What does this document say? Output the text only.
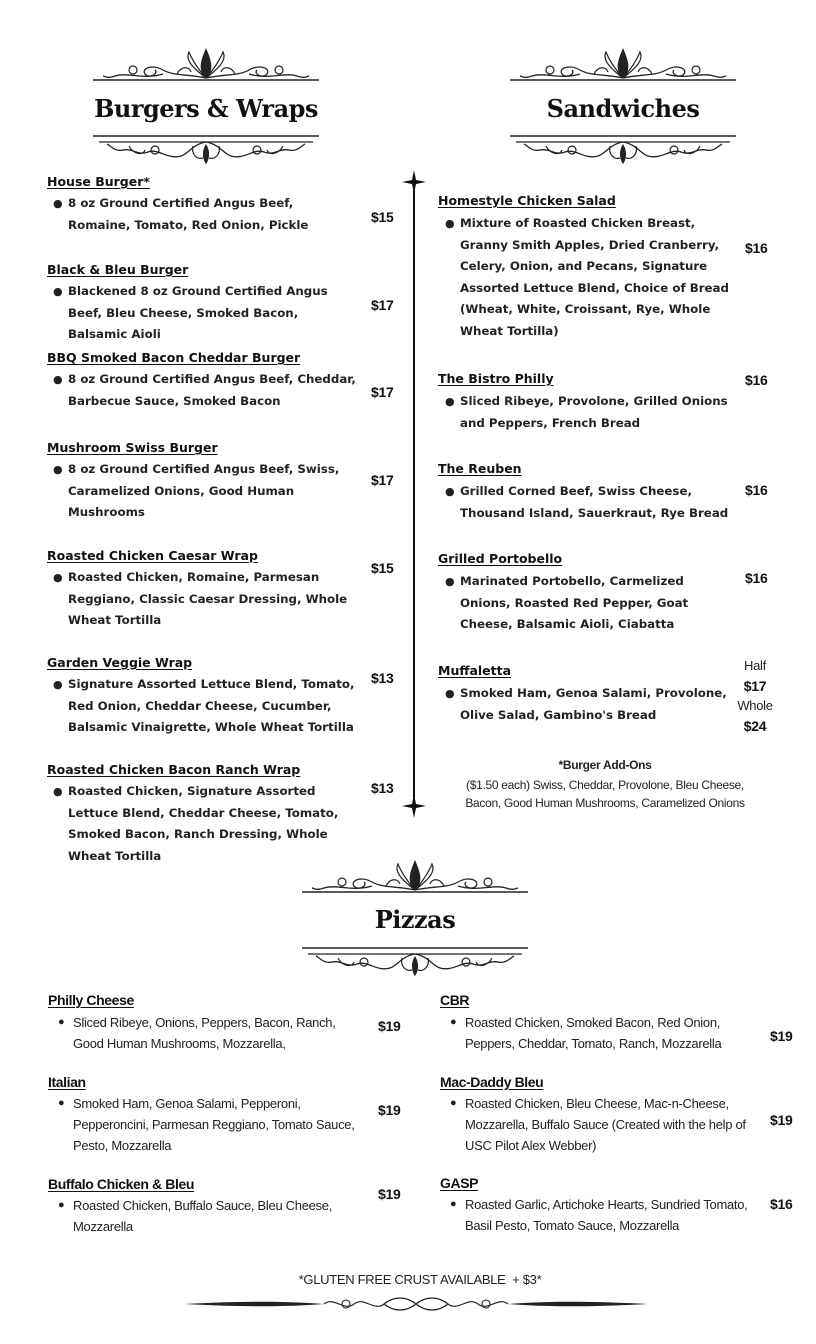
Burgers & Wraps	Sandwiches
House Burger*
● 8 oz Ground Certified Angus Beef, Romaine, Tomato, Red Onion, Pickle	$15
Black & Bleu Burger
● Blackened 8 oz Ground Certified Angus Beef, Bleu Cheese, Smoked Bacon, Balsamic Aioli
$17
BBQ Smoked Bacon Cheddar Burger
● 8 oz Ground Certified Angus Beef, Cheddar, Barbecue Sauce, Smoked Bacon
$17
Mushroom Swiss Burger
● 8 oz Ground Certified Angus Beef, Swiss, Caramelized Onions, Good Human Mushrooms
$17
Roasted Chicken Caesar Wrap
● Roasted Chicken, Romaine, Parmesan Reggiano, Classic Caesar Dressing, Whole Wheat Tortilla
$15
Garden Veggie Wrap
● Signature Assorted Lettuce Blend, Tomato, Red Onion, Cheddar Cheese, Cucumber, Balsamic Vinaigrette, Whole Wheat Tortilla
$13
Roasted Chicken Bacon Ranch Wrap
● Roasted Chicken, Signature Assorted Lettuce Blend, Cheddar Cheese, Tomato, Smoked Bacon, Ranch Dressing, Whole Wheat Tortilla
$13
Homestyle Chicken Salad
● Mixture of Roasted Chicken Breast, Granny Smith Apples, Dried Cranberry, Celery, Onion, and Pecans, Signature Assorted Lettuce Blend, Choice of Bread (Wheat, White, Croissant, Rye, Whole Wheat Tortilla)
$16
The Bistro Philly
● Sliced Ribeye, Provolone, Grilled Onions and Peppers, French Bread
$16
The Reuben
● Grilled Corned Beef, Swiss Cheese, Thousand Island, Sauerkraut, Rye Bread
$16
Grilled Portobello
● Marinated Portobello, Carmelized Onions, Roasted Red Pepper, Goat Cheese, Balsamic Aioli, Ciabatta
$16
Muffaletta
● Smoked Ham, Genoa Salami, Provolone, Olive Salad, Gambino's Bread
Half
$17
Whole
$24
*Burger Add-Ons
($1.50 each) Swiss, Cheddar, Provolone, Bleu Cheese, Bacon, Good Human Mushrooms, Caramelized Onions
Pizzas
Philly Cheese
● Sliced Ribeye, Onions, Peppers, Bacon, Ranch, Good Human Mushrooms, Mozzarella,
$19
Italian
● Smoked Ham, Genoa Salami, Pepperoni, Pepperoncini, Parmesan Reggiano, Tomato Sauce, Pesto, Mozzarella
$19
Buffalo Chicken & Bleu
● Roasted Chicken, Buffalo Sauce, Bleu Cheese, Mozzarella
$19
CBR
● Roasted Chicken, Smoked Bacon, Red Onion, Peppers, Cheddar, Tomato, Ranch, Mozzarella	$19
Mac-Daddy Bleu
● Roasted Chicken, Bleu Cheese, Mac-n-Cheese, Mozzarella, Buffalo Sauce (Created with the help of USC Pilot Alex Webber)
$19
GASP
● Roasted Garlic, Artichoke Hearts, Sundried Tomato, Basil Pesto, Tomato Sauce, Mozzarella
$16
*GLUTEN FREE CRUST AVAILABLE  + $3*
